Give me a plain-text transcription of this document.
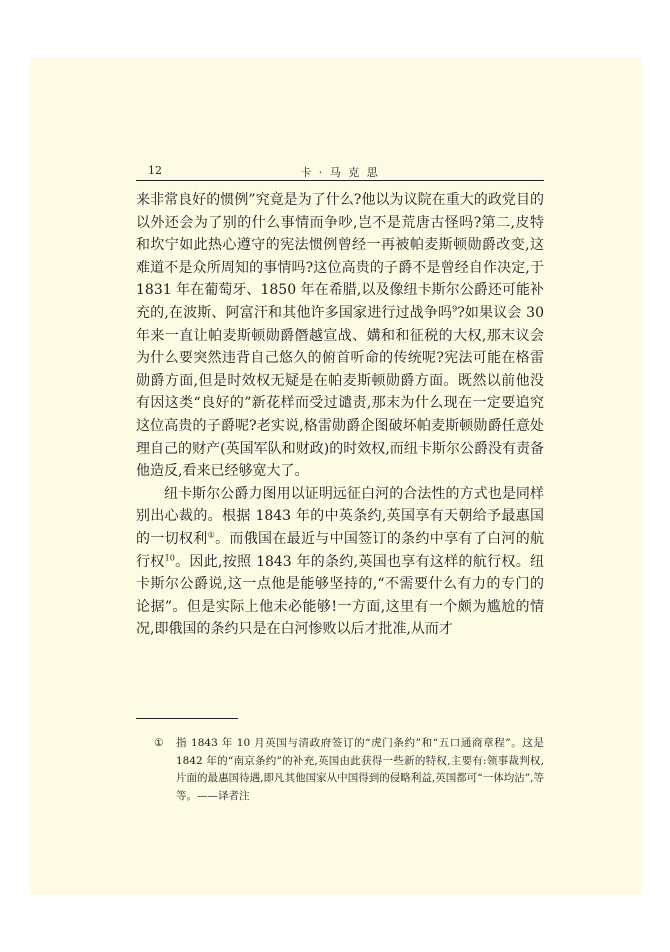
12	卡 · 马 克 思

来非常良好的惯例”究竟是为了什么?他以为议院在重大的政党目的以外还会为了别的什么事情而争吵,岂不是荒唐古怪吗?第二,皮特和坎宁如此热心遵守的宪法惯例曾经一再被帕麦斯顿勋爵改变,这难道不是众所周知的事情吗?这位高贵的子爵不是曾经自作决定,于 1831 年在葡萄牙、1850 年在希腊,以及像纽卡斯尔公爵还可能补充的,在波斯、阿富汗和其他许多国家进行过战争吗$^9$?如果议会 30 年来一直让帕麦斯顿勋爵僭越宣战、媾和和征税的大权,那末议会为什么要突然违背自己悠久的俯首听命的传统呢?宪法可能在格雷勋爵方面,但是时效权无疑是在帕麦斯顿勋爵方面。既然以前他没有因这类“良好的”新花样而受过谴责,那末为什么现在一定要追究这位高贵的子爵呢?老实说,格雷勋爵企图破坏帕麦斯顿勋爵任意处理自己的财产(英国军队和财政)的时效权,而纽卡斯尔公爵没有责备他造反,看来已经够宽大了。

纽卡斯尔公爵力图用以证明远征白河的合法性的方式也是同样别出心裁的。根据 1843 年的中英条约,英国享有天朝给予最惠国的一切权利①。而俄国在最近与中国签订的条约中享有了白河的航行权$^{10}$。因此,按照 1843 年的条约,英国也享有这样的航行权。纽卡斯尔公爵说,这一点他是能够坚持的,“不需要什么有力的专门的论据”。但是实际上他未必能够!一方面,这里有一个颇为尴尬的情况,即俄国的条约只是在白河惨败以后才批准,从而才

① 指 1843 年 10 月英国与清政府签订的“虎门条约”和“五口通商章程”。这是 1842 年的“南京条约”的补充,英国由此获得一些新的特权,主要有:领事裁判权,片面的最惠国待遇,即凡其他国家从中国得到的侵略利益,英国都可“一体均沾”,等等。——译者注
